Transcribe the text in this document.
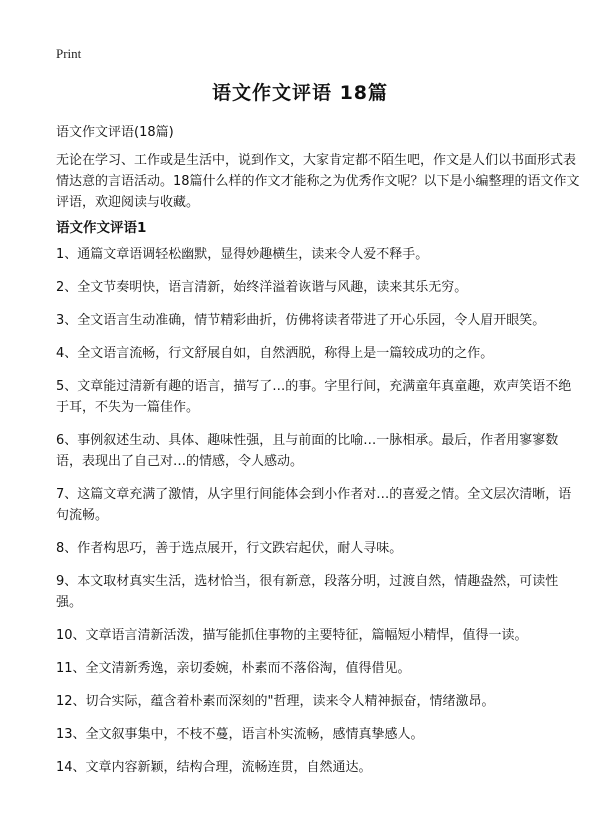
Print
语文作文评语 18篇
语文作文评语(18篇)
无论在学习、工作或是生活中，说到作文，大家肯定都不陌生吧，作文是人们以书面形式表情达意的言语活动。18篇什么样的作文才能称之为优秀作文呢？以下是小编整理的语文作文评语，欢迎阅读与收藏。
语文作文评语1
1、通篇文章语调轻松幽默，显得妙趣横生，读来令人爱不释手。
2、全文节奏明快，语言清新，始终洋溢着诙谐与风趣，读来其乐无穷。
3、全文语言生动准确，情节精彩曲折，仿佛将读者带进了开心乐园，令人眉开眼笑。
4、全文语言流畅，行文舒展自如，自然洒脱，称得上是一篇较成功的之作。
5、文章能过清新有趣的语言，描写了…的事。字里行间，充满童年真童趣，欢声笑语不绝于耳，不失为一篇佳作。
6、事例叙述生动、具体、趣味性强，且与前面的比喻…一脉相承。最后，作者用寥寥数语，表现出了自己对…的情感，令人感动。
7、这篇文章充满了激情，从字里行间能体会到小作者对…的喜爱之情。全文层次清晰，语句流畅。
8、作者构思巧，善于选点展开，行文跌宕起伏，耐人寻味。
9、本文取材真实生活，选材恰当，很有新意，段落分明，过渡自然，情趣盎然，可读性强。
10、文章语言清新活泼，描写能抓住事物的主要特征，篇幅短小精悍，值得一读。
11、全文清新秀逸，亲切委婉，朴素而不落俗淘，值得借见。
12、切合实际，蕴含着朴素而深刻的"哲理，读来令人精神振奋，情绪激昂。
13、全文叙事集中，不枝不蔓，语言朴实流畅，感情真挚感人。
14、文章内容新颖，结构合理，流畅连贯，自然通达。
